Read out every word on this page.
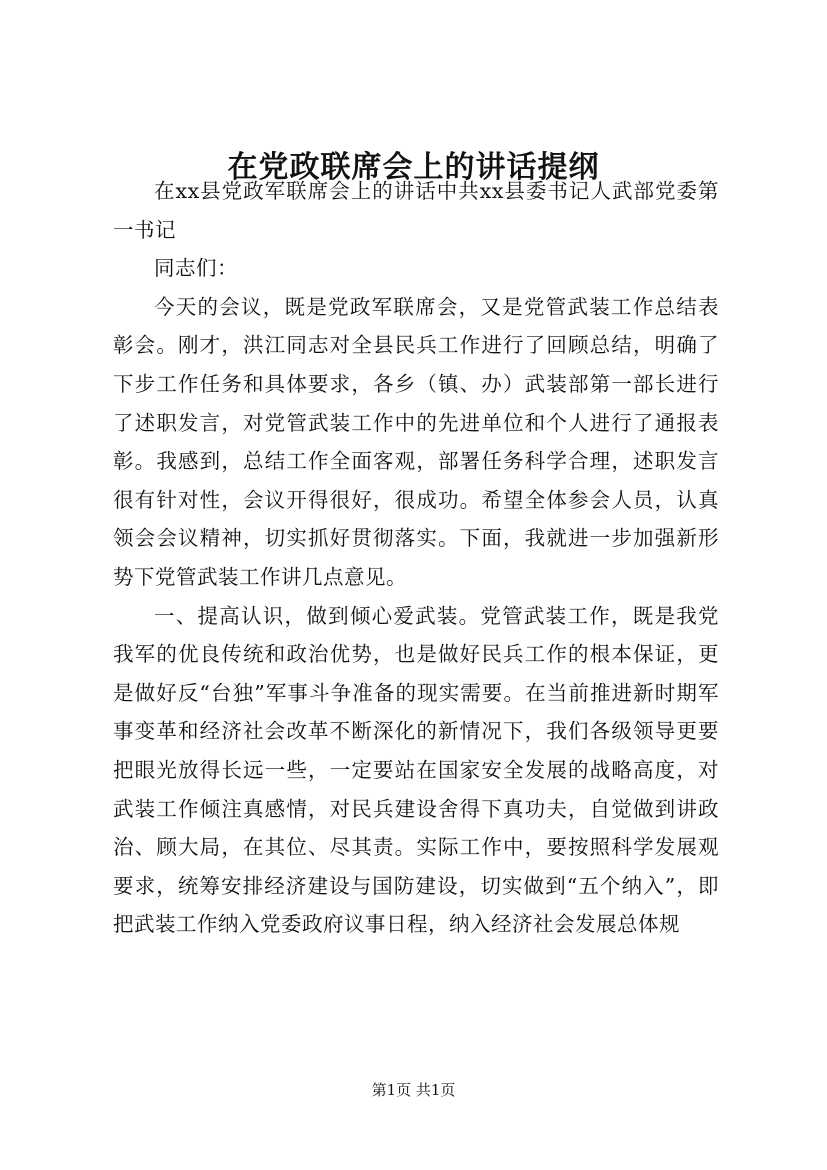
在党政联席会上的讲话提纲

在xx县党政军联席会上的讲话中共xx县委书记人武部党委第一书记

同志们：

今天的会议，既是党政军联席会，又是党管武装工作总结表彰会。刚才，洪江同志对全县民兵工作进行了回顾总结，明确了下步工作任务和具体要求，各乡（镇、办）武装部第一部长进行了述职发言，对党管武装工作中的先进单位和个人进行了通报表彰。我感到，总结工作全面客观，部署任务科学合理，述职发言很有针对性，会议开得很好，很成功。希望全体参会人员，认真领会会议精神，切实抓好贯彻落实。下面，我就进一步加强新形势下党管武装工作讲几点意见。

一、提高认识，做到倾心爱武装。党管武装工作，既是我党我军的优良传统和政治优势，也是做好民兵工作的根本保证，更是做好反“台独”军事斗争准备的现实需要。在当前推进新时期军事变革和经济社会改革不断深化的新情况下，我们各级领导更要把眼光放得长远一些，一定要站在国家安全发展的战略高度，对武装工作倾注真感情，对民兵建设舍得下真功夫，自觉做到讲政治、顾大局，在其位、尽其责。实际工作中，要按照科学发展观要求，统筹安排经济建设与国防建设，切实做到“五个纳入”，即把武装工作纳入党委政府议事日程，纳入经济社会发展总体规

第1页 共1页
